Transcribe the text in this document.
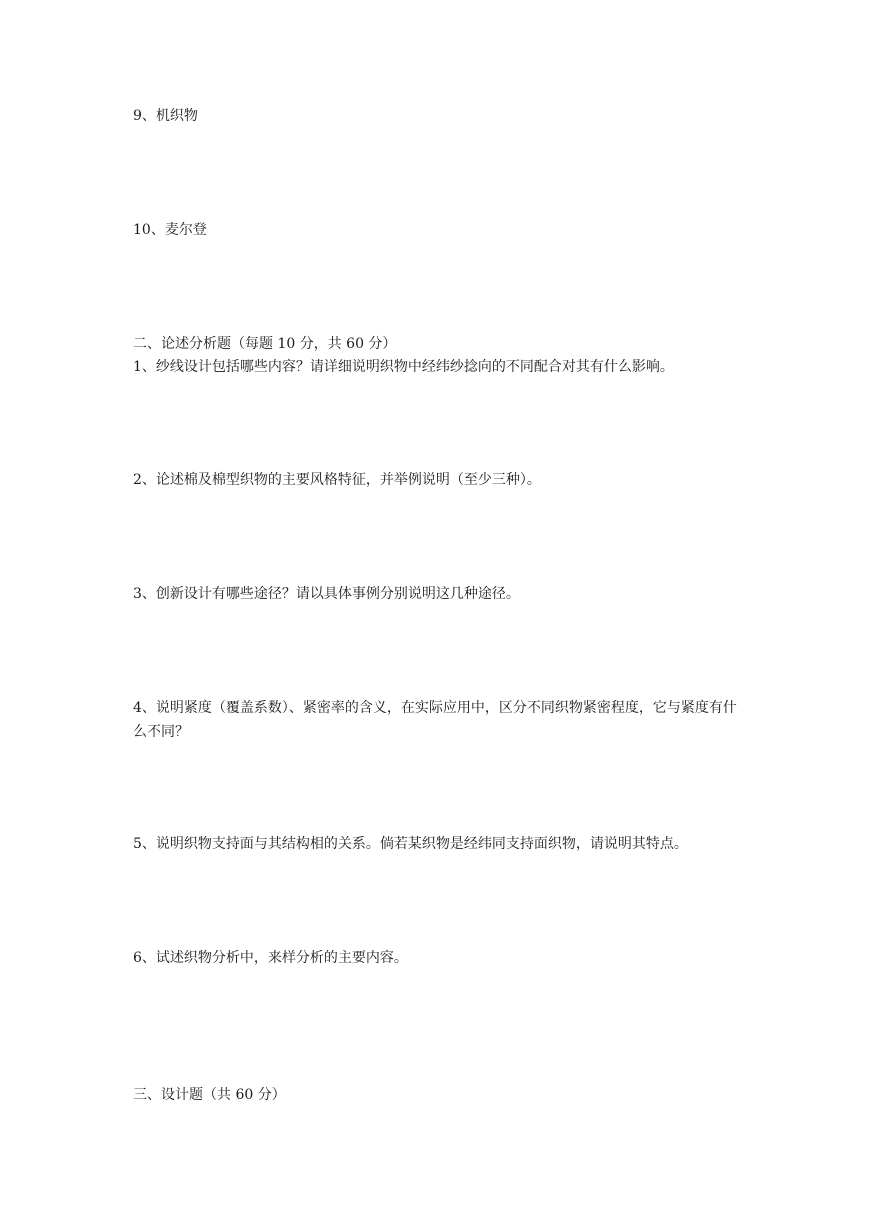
9、机织物

10、麦尔登

二、论述分析题（每题 10 分，共 60 分）

1、纱线设计包括哪些内容？请详细说明织物中经纬纱捻向的不同配合对其有什么影响。

2、论述棉及棉型织物的主要风格特征，并举例说明（至少三种）。

3、创新设计有哪些途径？请以具体事例分别说明这几种途径。

4、说明紧度（覆盖系数）、紧密率的含义，在实际应用中，区分不同织物紧密程度，它与紧度有什么不同？

5、说明织物支持面与其结构相的关系。倘若某织物是经纬同支持面织物，请说明其特点。

6、试述织物分析中，来样分析的主要内容。

三、设计题（共 60 分）
